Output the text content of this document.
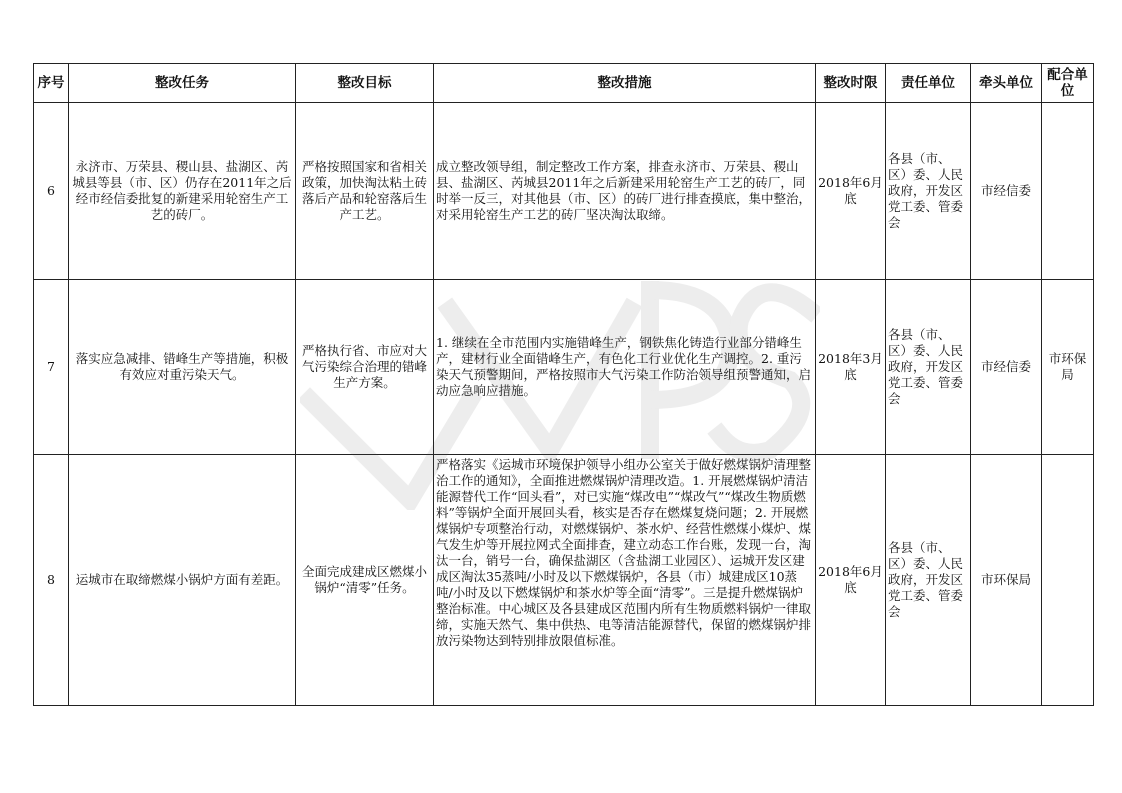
序号	整改任务	整改目标	整改措施	整改时限	责任单位	牵头单位	配合单位
6	永济市、万荣县、稷山县、盐湖区、芮城县等县（市、区）仍存在2011年之后经市经信委批复的新建采用轮窑生产工艺的砖厂。	严格按照国家和省相关政策，加快淘汰粘土砖落后产品和轮窑落后生产工艺。	成立整改领导组，制定整改工作方案，排查永济市、万荣县、稷山县、盐湖区、芮城县2011年之后新建采用轮窑生产工艺的砖厂，同时举一反三，对其他县（市、区）的砖厂进行排查摸底，集中整治，对采用轮窑生产工艺的砖厂坚决淘汰取缔。	2018年6月底	各县（市、区）委、人民政府，开发区党工委、管委会	市经信委	
7	落实应急减排、错峰生产等措施，积极有效应对重污染天气。	严格执行省、市应对大气污染综合治理的错峰生产方案。	1. 继续在全市范围内实施错峰生产，钢铁焦化铸造行业部分错峰生产，建材行业全面错峰生产，有色化工行业优化生产调控。2. 重污染天气预警期间，严格按照市大气污染工作防治领导组预警通知，启动应急响应措施。	2018年3月底	各县（市、区）委、人民政府，开发区党工委、管委会	市经信委	市环保局
8	运城市在取缔燃煤小锅炉方面有差距。	全面完成建成区燃煤小锅炉“清零”任务。	严格落实《运城市环境保护领导小组办公室关于做好燃煤锅炉清理整治工作的通知》，全面推进燃煤锅炉清理改造。1. 开展燃煤锅炉清洁能源替代工作“回头看”，对已实施“煤改电”“煤改气”“煤改生物质燃料”等锅炉全面开展回头看，核实是否存在燃煤复烧问题；2. 开展燃煤锅炉专项整治行动，对燃煤锅炉、茶水炉、经营性燃煤小煤炉、煤气发生炉等开展拉网式全面排查，建立动态工作台账，发现一台，淘汰一台，销号一台，确保盐湖区（含盐湖工业园区）、运城开发区建成区淘汰35蒸吨/小时及以下燃煤锅炉，各县（市）城建成区10蒸吨/小时及以下燃煤锅炉和茶水炉等全面“清零”。三是提升燃煤锅炉整治标准。中心城区及各县建成区范围内所有生物质燃料锅炉一律取缔，实施天然气、集中供热、电等清洁能源替代，保留的燃煤锅炉排放污染物达到特别排放限值标准。	2018年6月底	各县（市、区）委、人民政府，开发区党工委、管委会	市环保局	
